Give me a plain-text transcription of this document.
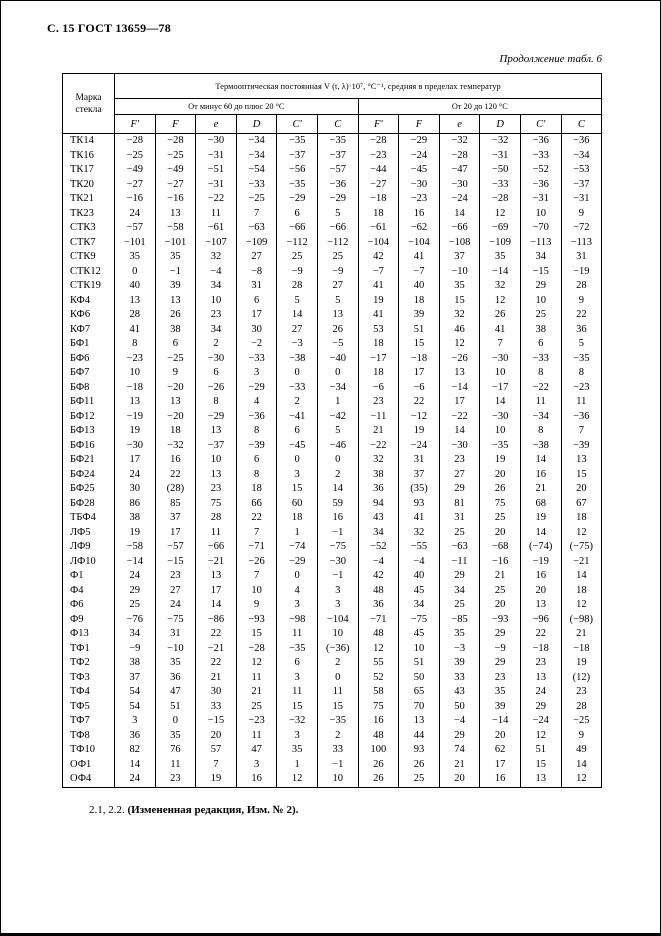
С. 15 ГОСТ 13659—78
Продолжение табл. 6
Марка стекла	Термооптическая постоянная V (t, λ)·10⁷, °С⁻¹, средняя в пределах температур											
	От минус 60 до плюс 20 °С						От 20 до 120 °С					
	F′	F	e	D	C′	C	F′	F	e	D	C′	C
ТК14	−28	−28	−30	−34	−35	−35	−28	−29	−32	−32	−36	−36
ТК16	−25	−25	−31	−34	−37	−37	−23	−24	−28	−31	−33	−34
ТК17	−49	−49	−51	−54	−56	−57	−44	−45	−47	−50	−52	−53
ТК20	−27	−27	−31	−33	−35	−36	−27	−30	−30	−33	−36	−37
ТК21	−16	−16	−22	−25	−29	−29	−18	−23	−24	−28	−31	−31
ТК23	24	13	11	7	6	5	18	16	14	12	10	9
СТК3	−57	−58	−61	−63	−66	−66	−61	−62	−66	−69	−70	−72
СТК7	−101	−101	−107	−109	−112	−112	−104	−104	−108	−109	−113	−113
СТК9	35	35	32	27	25	25	42	41	37	35	34	31
СТК12	0	−1	−4	−8	−9	−9	−7	−7	−10	−14	−15	−19
СТК19	40	39	34	31	28	27	41	40	35	32	29	28
КФ4	13	13	10	6	5	5	19	18	15	12	10	9
КФ6	28	26	23	17	14	13	41	39	32	26	25	22
КФ7	41	38	34	30	27	26	53	51	46	41	38	36
БФ1	8	6	2	−2	−3	−5	18	15	12	7	6	5
БФ6	−23	−25	−30	−33	−38	−40	−17	−18	−26	−30	−33	−35
БФ7	10	9	6	3	0	0	18	17	13	10	8	8
БФ8	−18	−20	−26	−29	−33	−34	−6	−6	−14	−17	−22	−23
БФ11	13	13	8	4	2	1	23	22	17	14	11	11
БФ12	−19	−20	−29	−36	−41	−42	−11	−12	−22	−30	−34	−36
БФ13	19	18	13	8	6	5	21	19	14	10	8	7
БФ16	−30	−32	−37	−39	−45	−46	−22	−24	−30	−35	−38	−39
БФ21	17	16	10	6	0	0	32	31	23	19	14	13
БФ24	24	22	13	8	3	2	38	37	27	20	16	15
БФ25	30	(28)	23	18	15	14	36	(35)	29	26	21	20
БФ28	86	85	75	66	60	59	94	93	81	75	68	67
ТБФ4	38	37	28	22	18	16	43	41	31	25	19	18
ЛФ5	19	17	11	7	1	−1	34	32	25	20	14	12
ЛФ9	−58	−57	−66	−71	−74	−75	−52	−55	−63	−68	(−74)	(−75)
ЛФ10	−14	−15	−21	−26	−29	−30	−4	−4	−11	−16	−19	−21
Ф1	24	23	13	7	0	−1	42	40	29	21	16	14
Ф4	29	27	17	10	4	3	48	45	34	25	20	18
Ф6	25	24	14	9	3	3	36	34	25	20	13	12
Ф9	−76	−75	−86	−93	−98	−104	−71	−75	−85	−93	−96	(−98)
Ф13	34	31	22	15	11	10	48	45	35	29	22	21
ТФ1	−9	−10	−21	−28	−35	(−36)	12	10	−3	−9	−18	−18
ТФ2	38	35	22	12	6	2	55	51	39	29	23	19
ТФ3	37	36	21	11	3	0	52	50	33	23	13	(12)
ТФ4	54	47	30	21	11	11	58	65	43	35	24	23
ТФ5	54	51	33	25	15	15	75	70	50	39	29	28
ТФ7	3	0	−15	−23	−32	−35	16	13	−4	−14	−24	−25
ТФ8	36	35	20	11	3	2	48	44	29	20	12	9
ТФ10	82	76	57	47	35	33	100	93	74	62	51	49
ОФ1	14	11	7	3	1	−1	26	26	21	17	15	14
ОФ4	24	23	19	16	12	10	26	25	20	16	13	12
2.1, 2.2. (Измененная редакция, Изм. № 2).
